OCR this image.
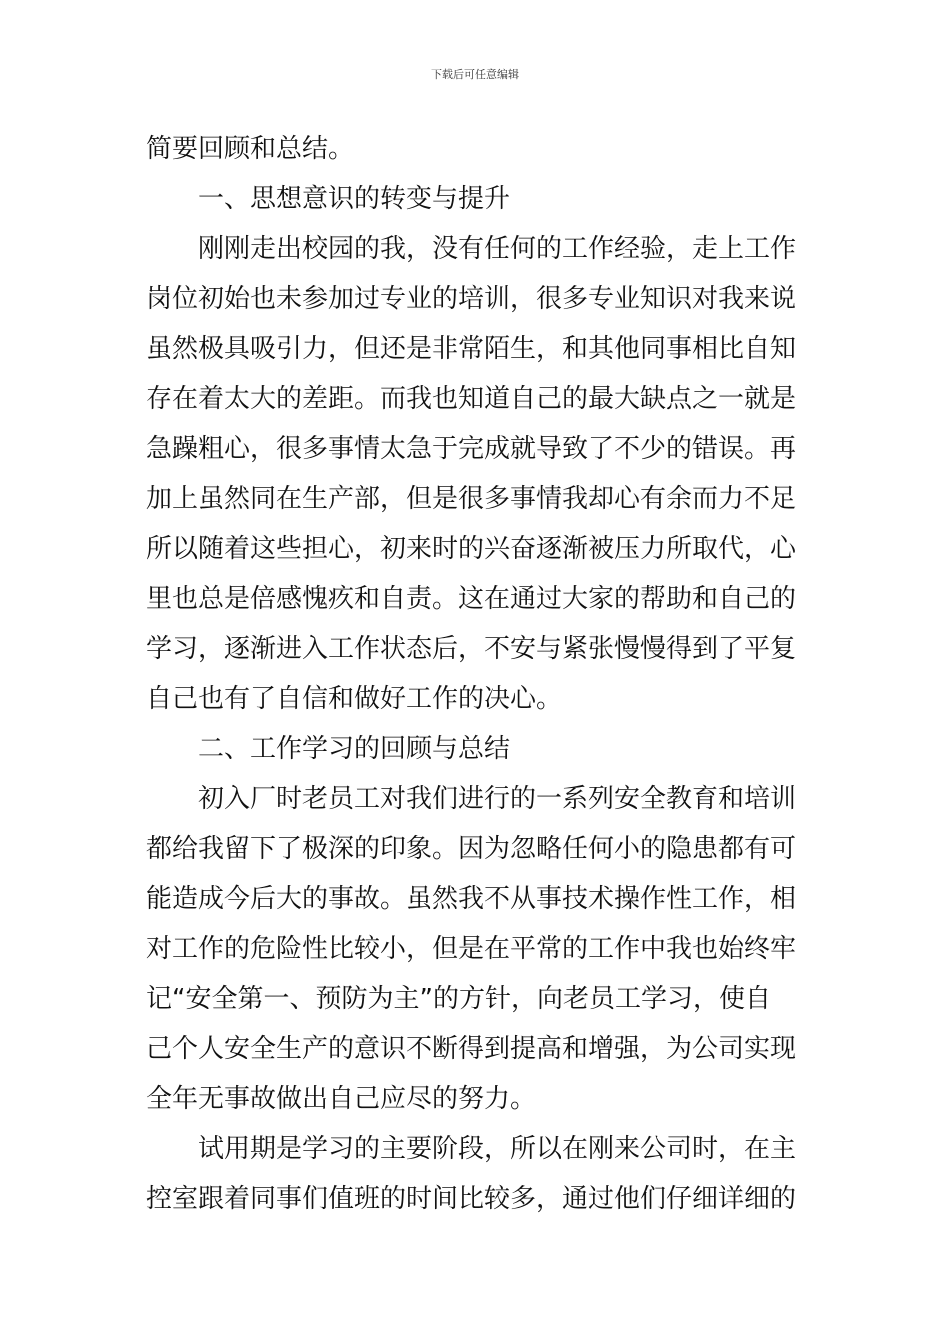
下载后可任意编辑

简要回顾和总结。

　　一、思想意识的转变与提升

　　刚刚走出校园的我，没有任何的工作经验，走上工作

岗位初始也未参加过专业的培训，很多专业知识对我来说

虽然极具吸引力，但还是非常陌生，和其他同事相比自知

存在着太大的差距。而我也知道自己的最大缺点之一就是

急躁粗心，很多事情太急于完成就导致了不少的错误。再

加上虽然同在生产部，但是很多事情我却心有余而力不足

所以随着这些担心，初来时的兴奋逐渐被压力所取代，心

里也总是倍感愧疚和自责。这在通过大家的帮助和自己的

学习，逐渐进入工作状态后，不安与紧张慢慢得到了平复

自己也有了自信和做好工作的决心。

　　二、工作学习的回顾与总结

　　初入厂时老员工对我们进行的一系列安全教育和培训

都给我留下了极深的印象。因为忽略任何小的隐患都有可

能造成今后大的事故。虽然我不从事技术操作性工作，相

对工作的危险性比较小，但是在平常的工作中我也始终牢

记“安全第一、预防为主”的方针，向老员工学习，使自

己个人安全生产的意识不断得到提高和增强，为公司实现

全年无事故做出自己应尽的努力。

　　试用期是学习的主要阶段，所以在刚来公司时，在主

控室跟着同事们值班的时间比较多，通过他们仔细详细的
